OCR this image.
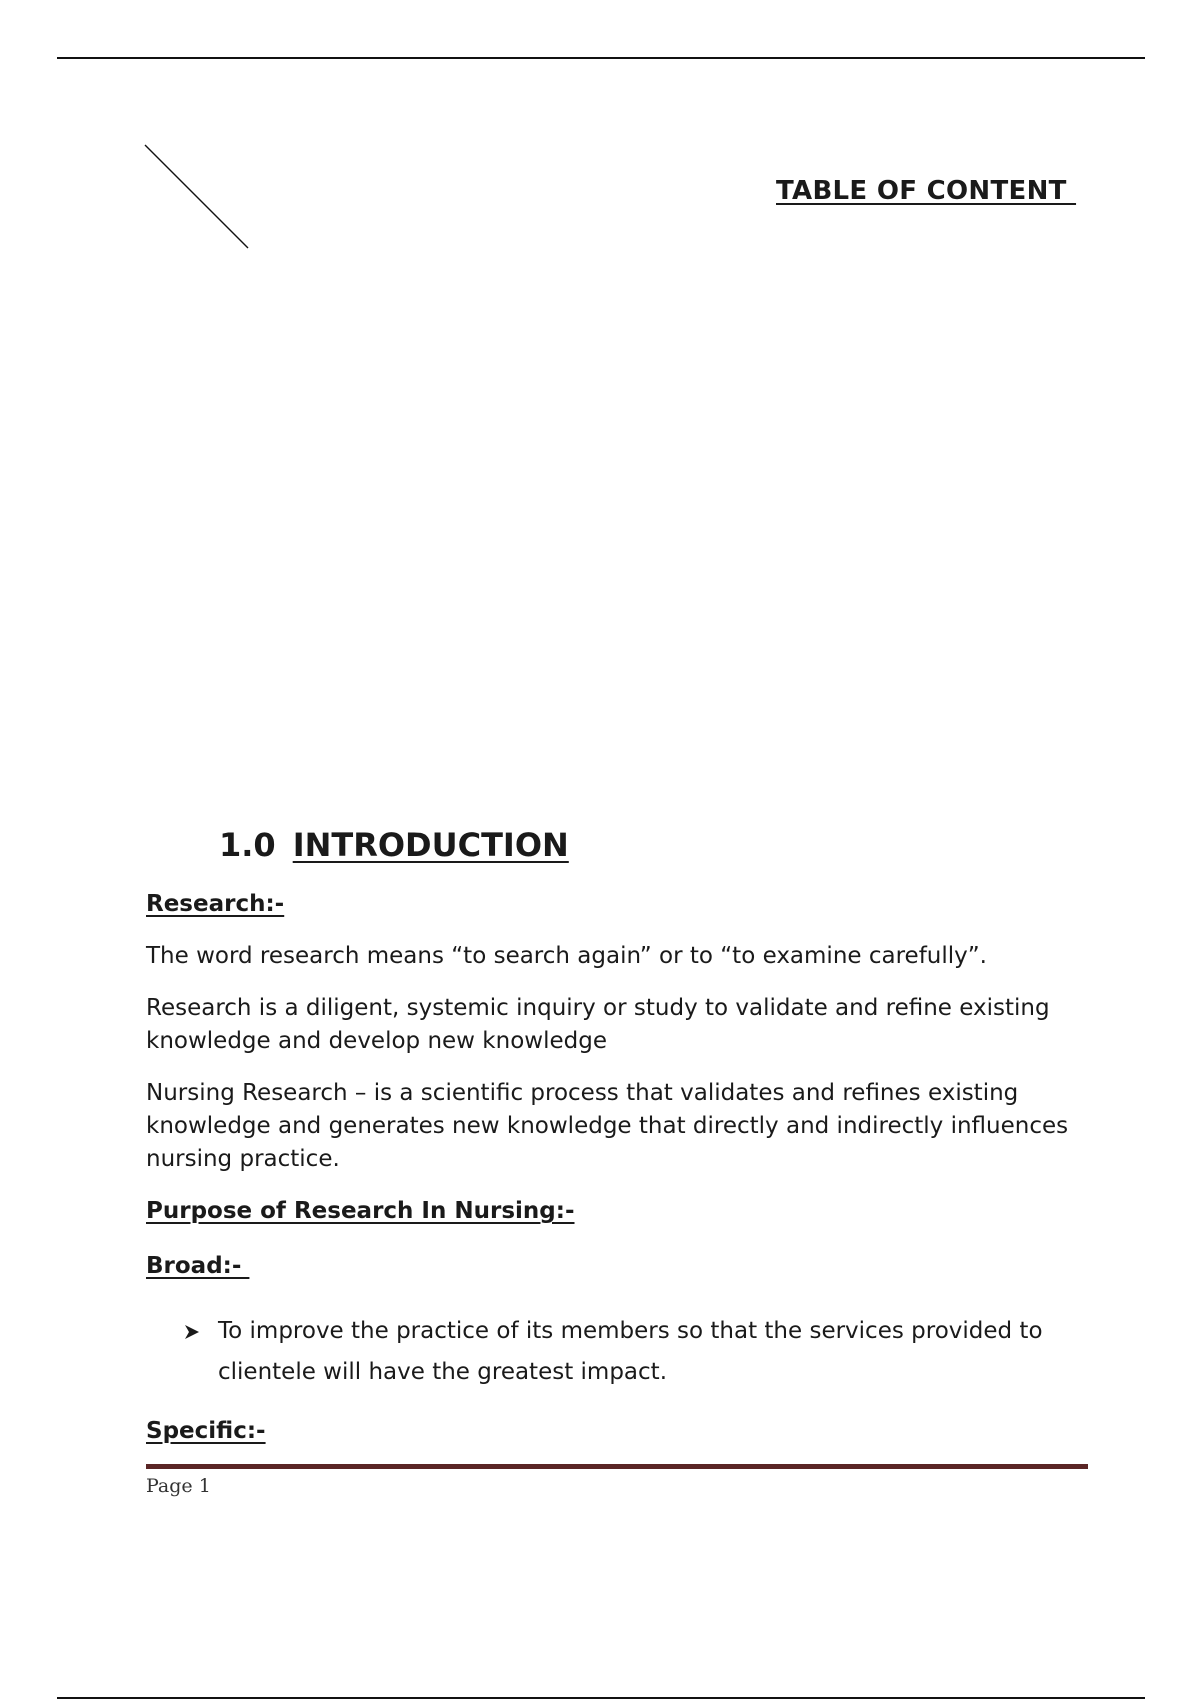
TABLE OF CONTENT
1.0 INTRODUCTION

Research:-

The word research means “to search again” or to “to examine carefully”.

Research is a diligent, systemic inquiry or study to validate and refine existing knowledge and develop new knowledge

Nursing Research – is a scientific process that validates and refines existing knowledge and generates new knowledge that directly and indirectly influences nursing practice.

Purpose of Research In Nursing:-

Broad:-

To improve the practice of its members so that the services provided to clientele will have the greatest impact.

Specific:-

Page 1
